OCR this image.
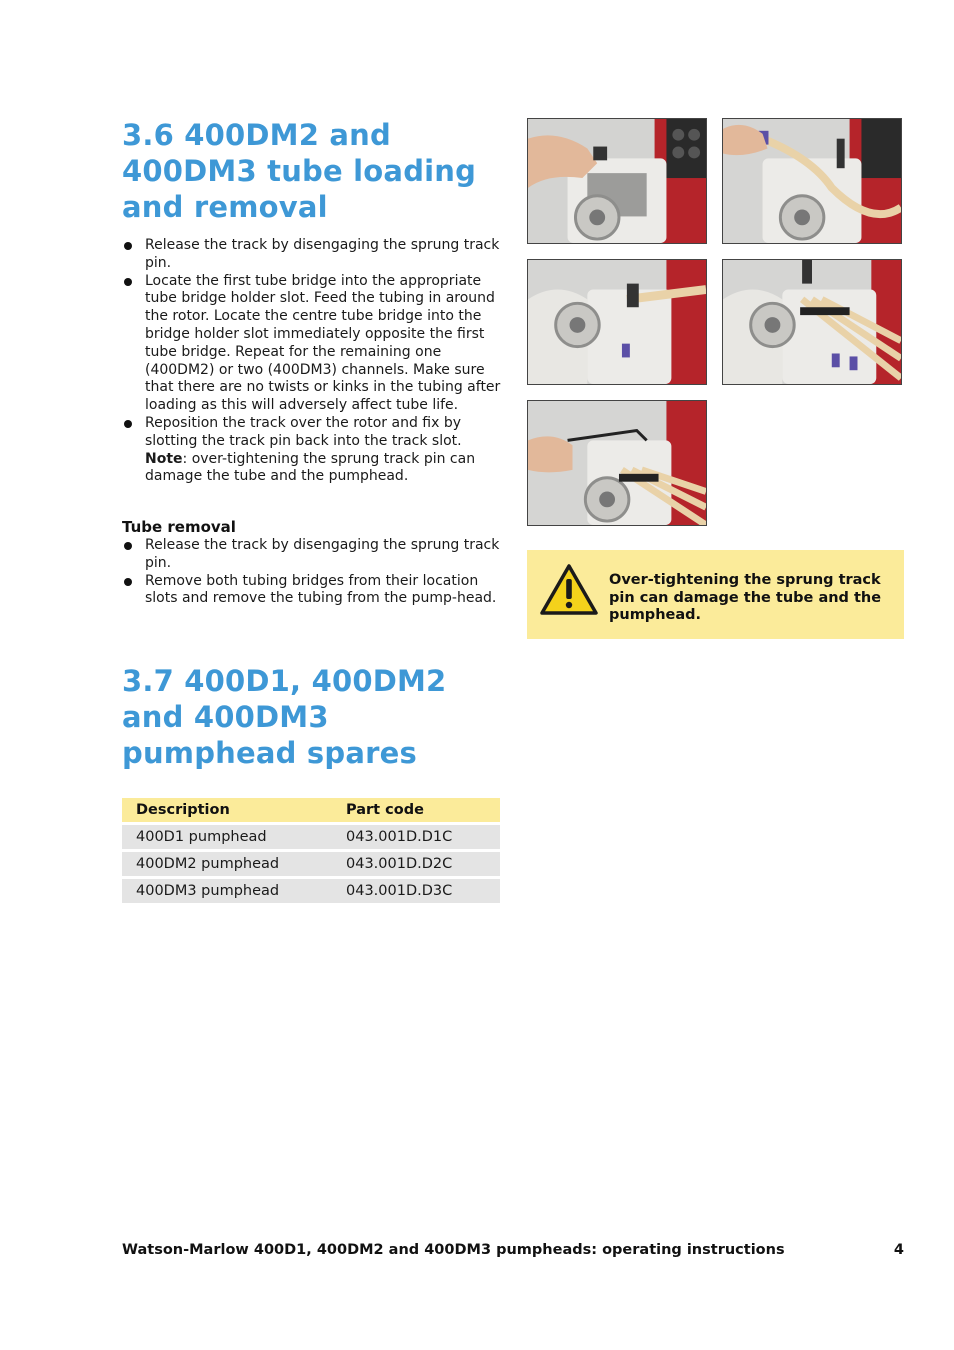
3.6 400DM2 and
400DM3 tube loading
and removal
Release the track by disengaging the sprung track pin.
Locate the first tube bridge into the appropriate tube bridge holder slot. Feed the tubing in around the rotor. Locate the centre tube bridge into the bridge holder slot immediately opposite the first tube bridge. Repeat for the remaining one (400DM2) or two (400DM3) channels. Make sure that there are no twists or kinks in the tubing after loading as this will adversely affect tube life.
Reposition the track over the rotor and fix by slotting the track pin back into the track slot. Note: over-tightening the sprung track pin can damage the tube and the pumphead.
Tube removal
Release the track by disengaging the sprung track pin.
Remove both tubing bridges from their location slots and remove the tubing from the pump-head.
Over-tightening the sprung track pin can damage the tube and the pumphead.
3.7 400D1, 400DM2
and 400DM3
pumphead spares
Description	Part code
400D1 pumphead	043.001D.D1C
400DM2 pumphead	043.001D.D2C
400DM3 pumphead	043.001D.D3C
Watson-Marlow 400D1, 400DM2 and 400DM3 pumpheads: operating instructions	4
